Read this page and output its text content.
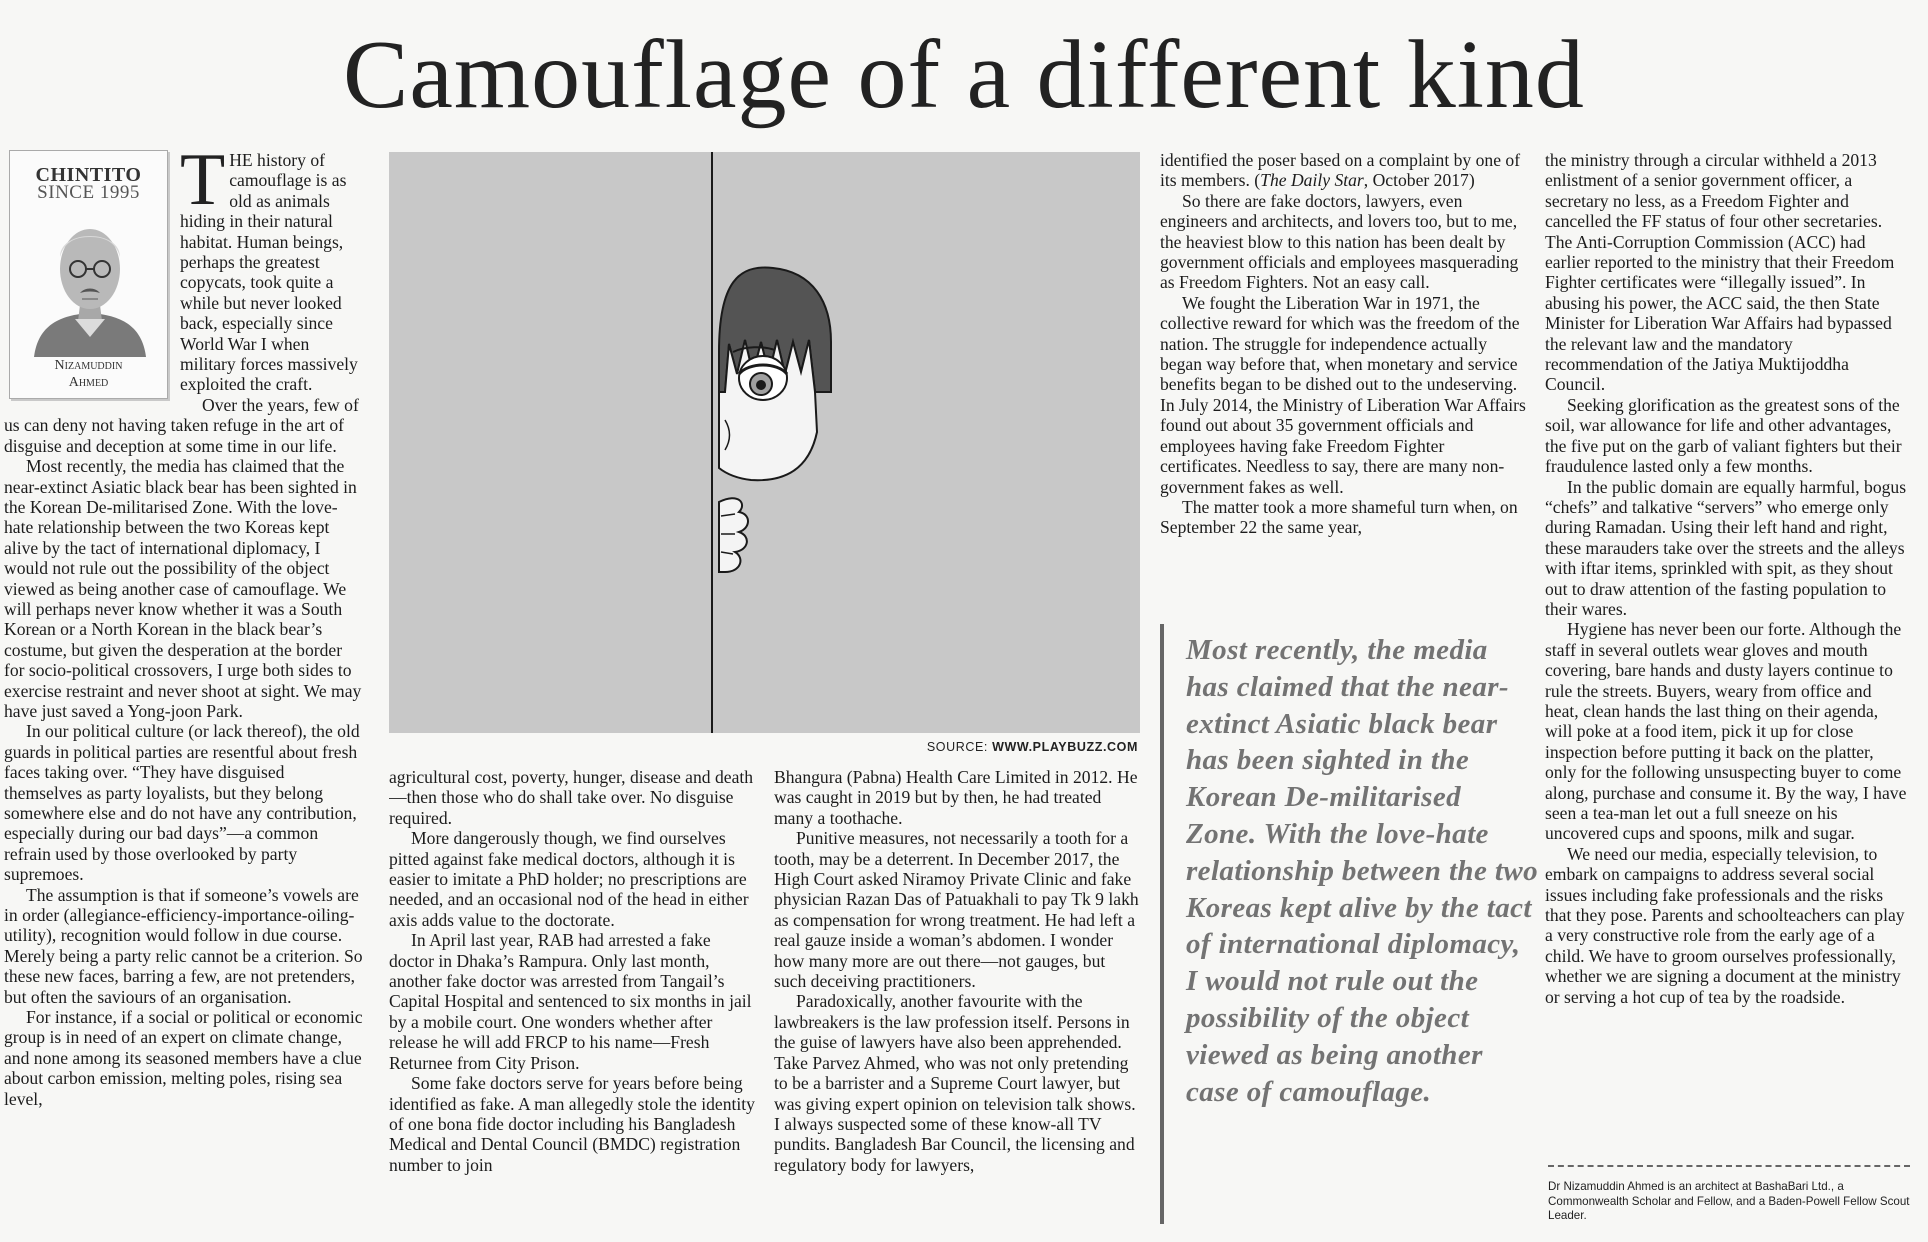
Camouflage of a different kind
CHINTITO
SINCE 1995
Nizamuddin
Ahmed
T HE history of camouflage is as old as animals hiding in their natural habitat. Human beings, perhaps the greatest copycats, took quite a while but never looked back, especially since World War I when military forces massively exploited the craft.

Over the years, few of us can deny not having taken refuge in the art of disguise and deception at some time in our life.

Most recently, the media has claimed that the near-extinct Asiatic black bear has been sighted in the Korean De-militarised Zone. With the love-hate relationship between the two Koreas kept alive by the tact of international diplomacy, I would not rule out the possibility of the object viewed as being another case of camouflage. We will perhaps never know whether it was a South Korean or a North Korean in the black bear’s costume, but given the desperation at the border for socio-political crossovers, I urge both sides to exercise restraint and never shoot at sight. We may have just saved a Yong-joon Park.

In our political culture (or lack thereof), the old guards in political parties are resentful about fresh faces taking over. “They have disguised themselves as party loyalists, but they belong somewhere else and do not have any contribution, especially during our bad days”—a common refrain used by those overlooked by party supremoes.

The assumption is that if someone’s vowels are in order (allegiance-efficiency-importance-oiling-utility), recognition would follow in due course. Merely being a party relic cannot be a criterion. So these new faces, barring a few, are not pretenders, but often the saviours of an organisation.

For instance, if a social or political or economic group is in need of an expert on climate change, and none among its seasoned members have a clue about carbon emission, melting poles, rising sea level,

SOURCE: WWW.PLAYBUZZ.COM

agricultural cost, poverty, hunger, disease and death—then those who do shall take over. No disguise required.

More dangerously though, we find ourselves pitted against fake medical doctors, although it is easier to imitate a PhD holder; no prescriptions are needed, and an occasional nod of the head in either axis adds value to the doctorate.

In April last year, RAB had arrested a fake doctor in Dhaka’s Rampura. Only last month, another fake doctor was arrested from Tangail’s Capital Hospital and sentenced to six months in jail by a mobile court. One wonders whether after release he will add FRCP to his name—Fresh Returnee from City Prison.

Some fake doctors serve for years before being identified as fake. A man allegedly stole the identity of one bona fide doctor including his Bangladesh Medical and Dental Council (BMDC) registration number to join

Bhangura (Pabna) Health Care Limited in 2012. He was caught in 2019 but by then, he had treated many a toothache.

Punitive measures, not necessarily a tooth for a tooth, may be a deterrent. In December 2017, the High Court asked Niramoy Private Clinic and fake physician Razan Das of Patuakhali to pay Tk 9 lakh as compensation for wrong treatment. He had left a real gauze inside a woman’s abdomen. I wonder how many more are out there—not gauges, but such deceiving practitioners.

Paradoxically, another favourite with the lawbreakers is the law profession itself. Persons in the guise of lawyers have also been apprehended. Take Parvez Ahmed, who was not only pretending to be a barrister and a Supreme Court lawyer, but was giving expert opinion on television talk shows. I always suspected some of these know-all TV pundits. Bangladesh Bar Council, the licensing and regulatory body for lawyers,

identified the poser based on a complaint by one of its members. (The Daily Star, October 2017)

So there are fake doctors, lawyers, even engineers and architects, and lovers too, but to me, the heaviest blow to this nation has been dealt by government officials and employees masquerading as Freedom Fighters. Not an easy call.

We fought the Liberation War in 1971, the collective reward for which was the freedom of the nation. The struggle for independence actually began way before that, when monetary and service benefits began to be dished out to the undeserving. In July 2014, the Ministry of Liberation War Affairs found out about 35 government officials and employees having fake Freedom Fighter certificates. Needless to say, there are many non-government fakes as well.

The matter took a more shameful turn when, on September 22 the same year,

Most recently, the media has claimed that the near-extinct Asiatic black bear has been sighted in the Korean De-militarised Zone. With the love-hate relationship between the two Koreas kept alive by the tact of international diplomacy, I would not rule out the possibility of the object viewed as being another case of camouflage.

the ministry through a circular withheld a 2013 enlistment of a senior government officer, a secretary no less, as a Freedom Fighter and cancelled the FF status of four other secretaries. The Anti-Corruption Commission (ACC) had earlier reported to the ministry that their Freedom Fighter certificates were “illegally issued”. In abusing his power, the ACC said, the then State Minister for Liberation War Affairs had bypassed the relevant law and the mandatory recommendation of the Jatiya Muktijoddha Council.

Seeking glorification as the greatest sons of the soil, war allowance for life and other advantages, the five put on the garb of valiant fighters but their fraudulence lasted only a few months.

In the public domain are equally harmful, bogus “chefs” and talkative “servers” who emerge only during Ramadan. Using their left hand and right, these marauders take over the streets and the alleys with iftar items, sprinkled with spit, as they shout out to draw attention of the fasting population to their wares.

Hygiene has never been our forte. Although the staff in several outlets wear gloves and mouth covering, bare hands and dusty layers continue to rule the streets. Buyers, weary from office and heat, clean hands the last thing on their agenda, will poke at a food item, pick it up for close inspection before putting it back on the platter, only for the following unsuspecting buyer to come along, purchase and consume it. By the way, I have seen a tea-man let out a full sneeze on his uncovered cups and spoons, milk and sugar.

We need our media, especially television, to embark on campaigns to address several social issues including fake professionals and the risks that they pose. Parents and schoolteachers can play a very constructive role from the early age of a child. We have to groom ourselves professionally, whether we are signing a document at the ministry or serving a hot cup of tea by the roadside.

Dr Nizamuddin Ahmed is an architect at BashaBari Ltd., a Commonwealth Scholar and Fellow, and a Baden-Powell Fellow Scout Leader.
